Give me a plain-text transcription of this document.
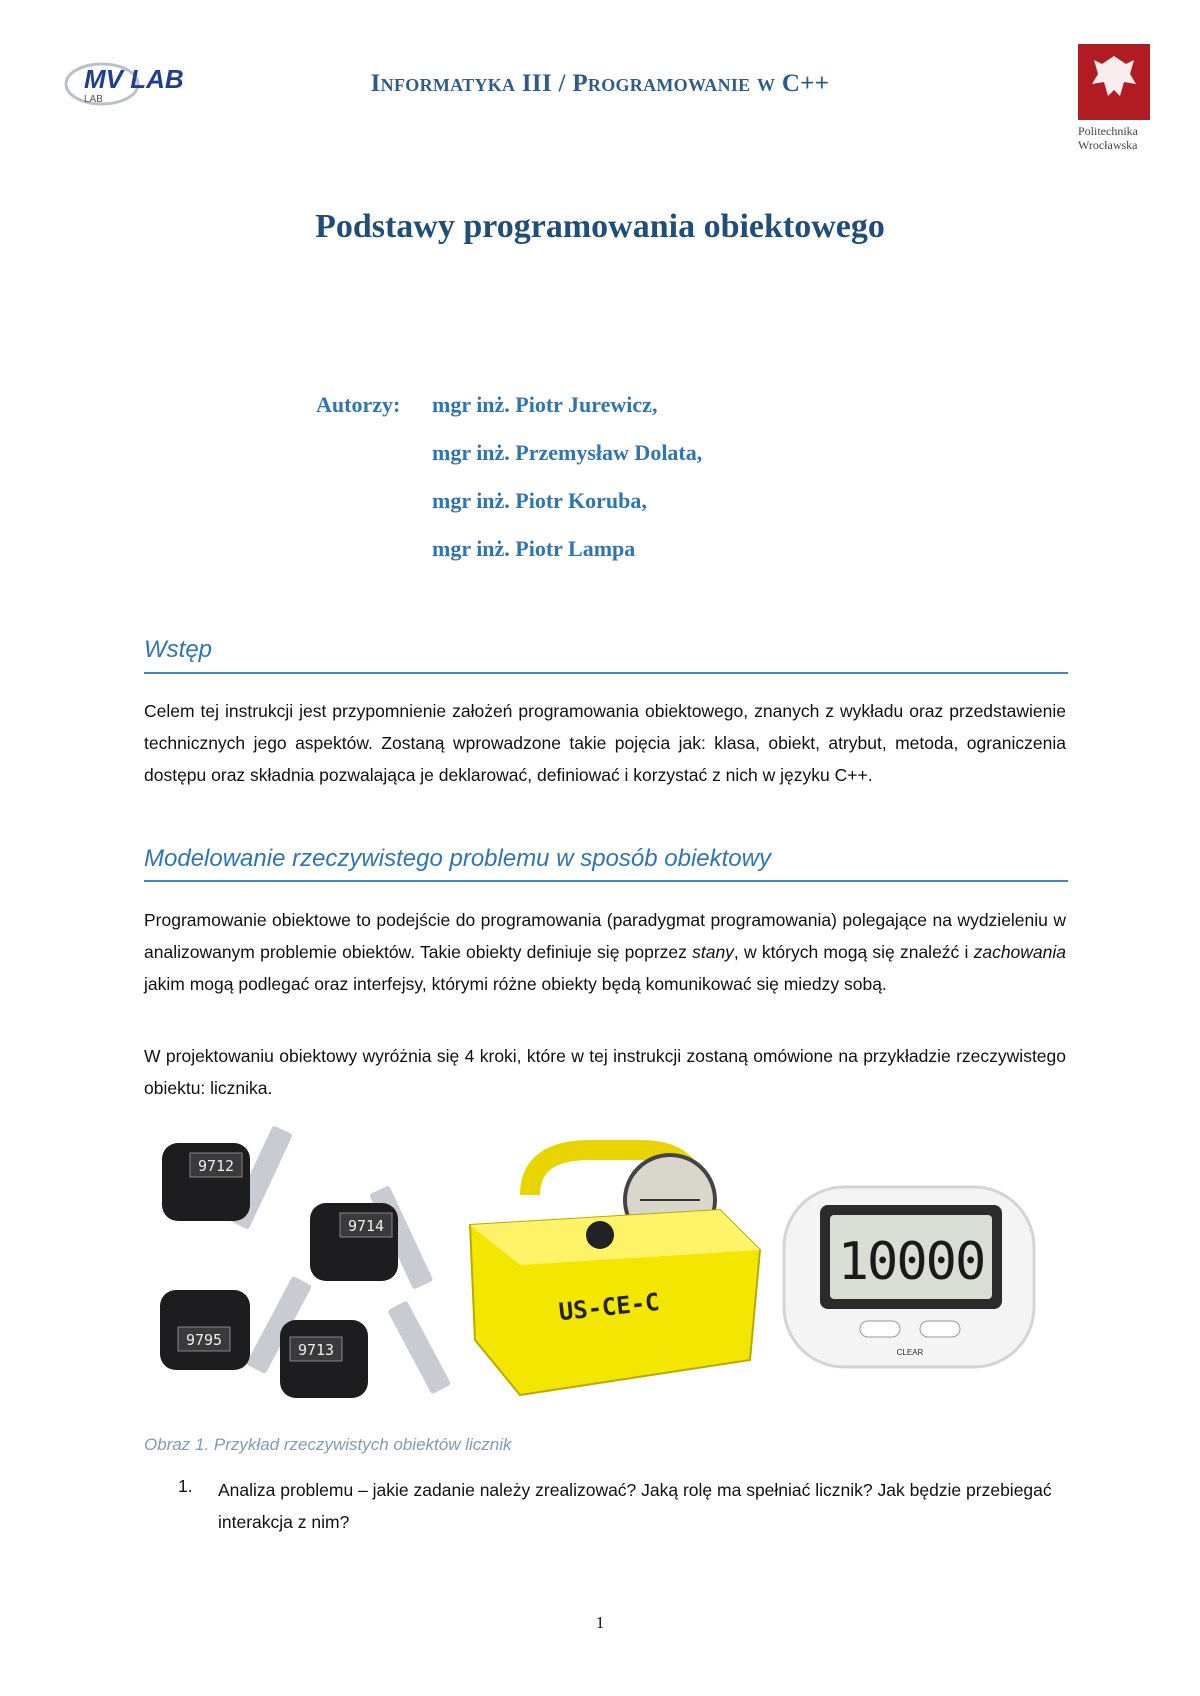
MV LAB
LAB
Informatyka III / Programowanie w C++
Politechnika
Wrocławska
Podstawy programowania obiektowego
Autorzy: mgr inż. Piotr Jurewicz,
mgr inż. Przemysław Dolata,
mgr inż. Piotr Koruba,
mgr inż. Piotr Lampa
Wstęp
Celem tej instrukcji jest przypomnienie założeń programowania obiektowego, znanych z wykładu oraz przedstawienie technicznych jego aspektów. Zostaną wprowadzone takie pojęcia jak: klasa, obiekt, atrybut, metoda, ograniczenia dostępu oraz składnia pozwalająca je deklarować, definiować i korzystać z nich w języku C++.
Modelowanie rzeczywistego problemu w sposób obiektowy
Programowanie obiektowe to podejście do programowania (paradygmat programowania) polegające na wydzieleniu w analizowanym problemie obiektów. Takie obiekty definiuje się poprzez stany, w których mogą się znaleźć i zachowania jakim mogą podlegać oraz interfejsy, którymi różne obiekty będą komunikować się miedzy sobą.
W projektowaniu obiektowy wyróżnia się 4 kroki, które w tej instrukcji zostaną omówione na przykładzie rzeczywistego obiektu: licznika.
9712
9714
9795
9713
US-CE-C
10000
CLEAR
Obraz 1. Przykład rzeczywistych obiektów licznik
1. Analiza problemu – jakie zadanie należy zrealizować? Jaką rolę ma spełniać licznik? Jak będzie przebiegać interakcja z nim?
1
